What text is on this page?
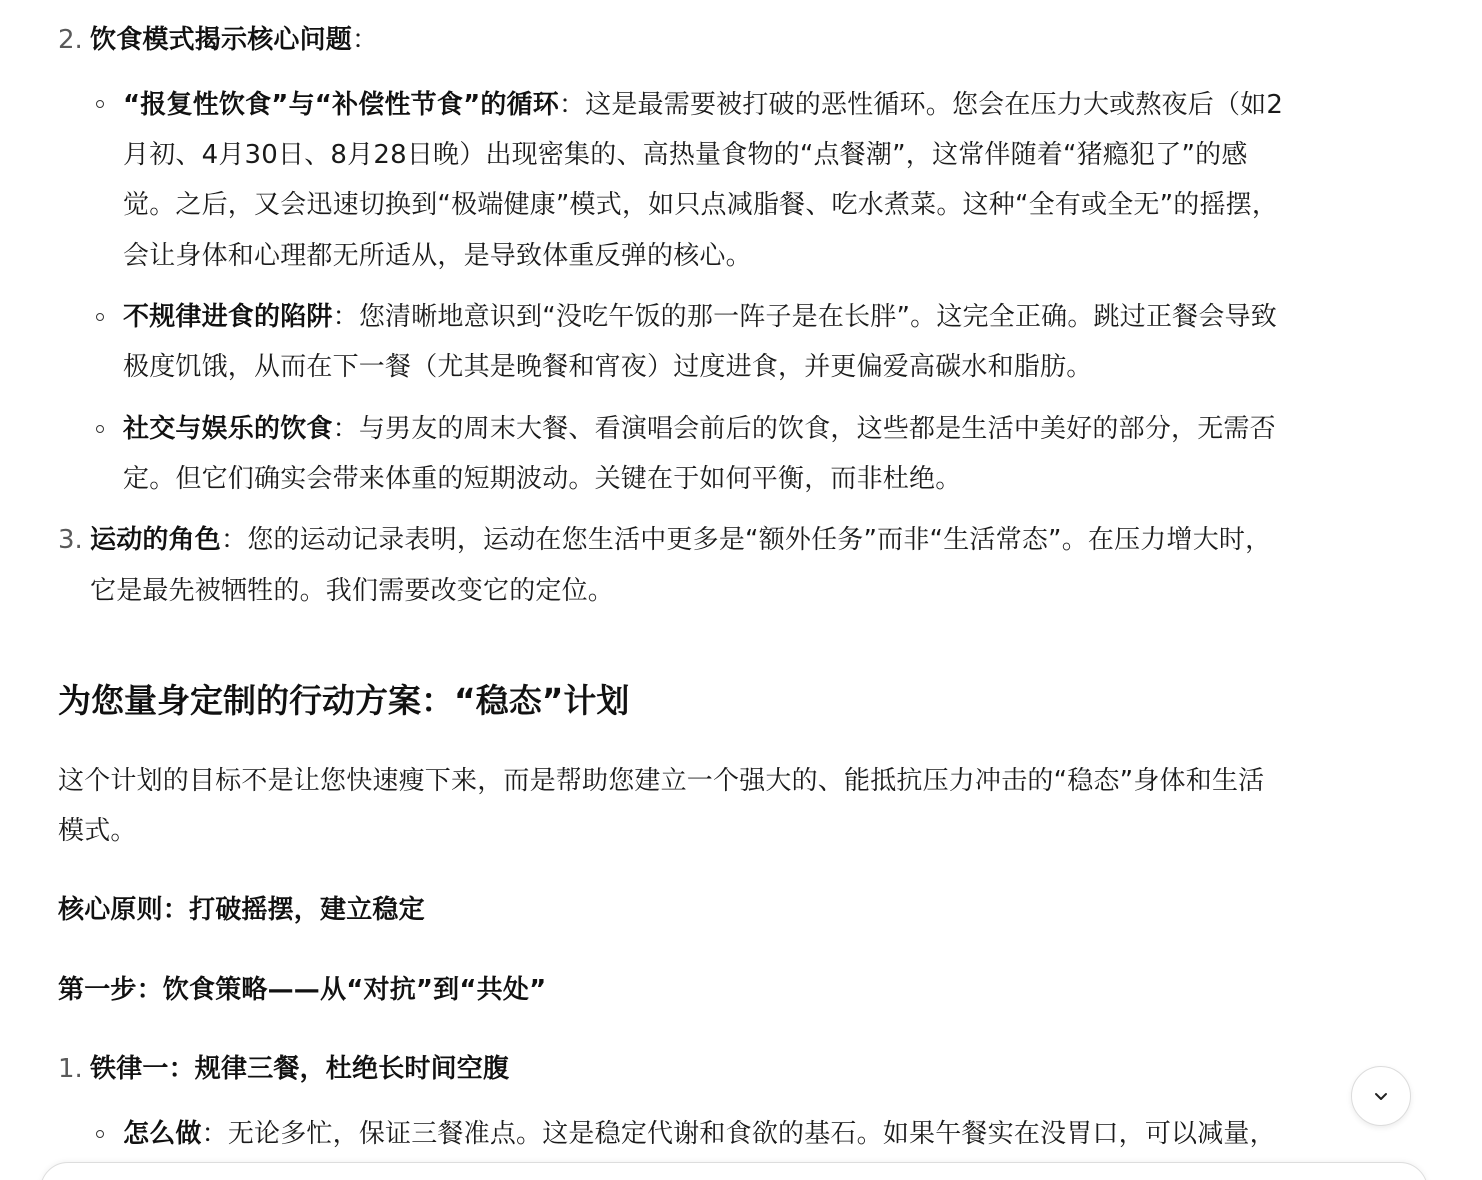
2. 饮食模式揭示核心问题：
“报复性饮食”与“补偿性节食”的循环：这是最需要被打破的恶性循环。您会在压力大或熬夜后（如2
月初、4月30日、8月28日晚）出现密集的、高热量食物的“点餐潮”，这常伴随着“猪瘾犯了”的感
觉。之后，又会迅速切换到“极端健康”模式，如只点减脂餐、吃水煮菜。这种“全有或全无”的摇摆，
会让身体和心理都无所适从，是导致体重反弹的核心。
不规律进食的陷阱：您清晰地意识到“没吃午饭的那一阵子是在长胖”。这完全正确。跳过正餐会导致
极度饥饿，从而在下一餐（尤其是晚餐和宵夜）过度进食，并更偏爱高碳水和脂肪。
社交与娱乐的饮食：与男友的周末大餐、看演唱会前后的饮食，这些都是生活中美好的部分，无需否
定。但它们确实会带来体重的短期波动。关键在于如何平衡，而非杜绝。
3. 运动的角色：您的运动记录表明，运动在您生活中更多是“额外任务”而非“生活常态”。在压力增大时，
它是最先被牺牲的。我们需要改变它的定位。
为您量身定制的行动方案：“稳态”计划
这个计划的目标不是让您快速瘦下来，而是帮助您建立一个强大的、能抵抗压力冲击的“稳态”身体和生活
模式。
核心原则：打破摇摆，建立稳定
第一步：饮食策略——从“对抗”到“共处”
1. 铁律一：规律三餐，杜绝长时间空腹
怎么做：无论多忙，保证三餐准点。这是稳定代谢和食欲的基石。如果午餐实在没胃口，可以减量，
